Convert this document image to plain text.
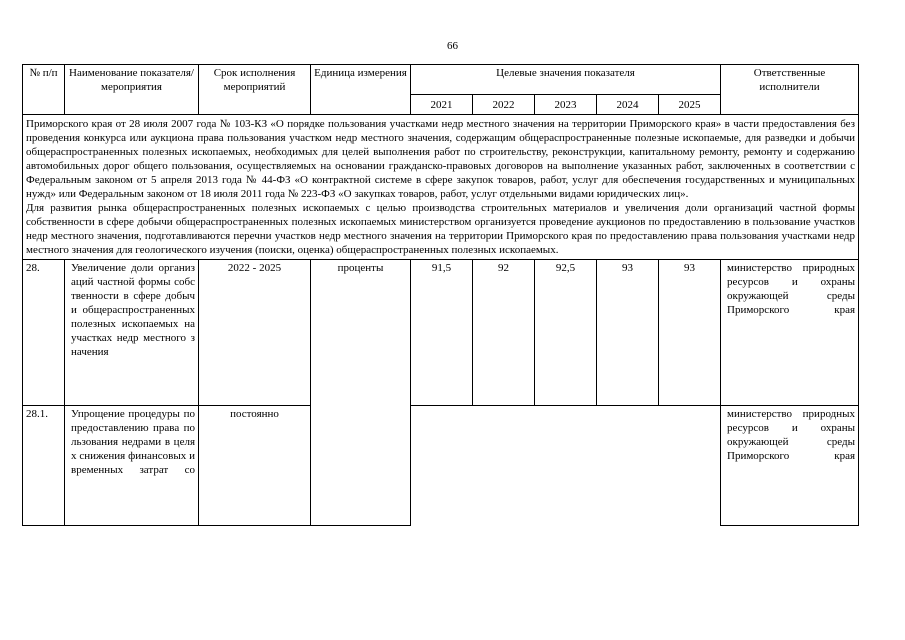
66
№ п/п	Наименование показателя/мероприятия	Срок исполнения мероприятий	Единица измерения	Целевые значения показателя					Ответственные исполнители
				2021	2022	2023	2024	2025	

Приморского края от 28 июля 2007 года № 103-КЗ «О порядке пользования участками недр местного значения на территории Приморского края» в части предоставления без проведения конкурса или аукциона права пользования участком недр местного значения, содержащим общераспространенные полезные ископаемые, для разведки и добычи общераспространенных полезных ископаемых, необходимых для целей выполнения работ по строительству, реконструкции, капитальному ремонту, ремонту и содержанию автомобильных дорог общего пользования, осуществляемых на основании гражданско-правовых договоров на выполнение указанных работ, заключенных в соответствии с Федеральным законом от 5 апреля 2013 года № 44-ФЗ «О контрактной системе в сфере закупок товаров, работ, услуг для обеспечения государственных и муниципальных нужд» или Федеральным законом от 18 июля 2011 года № 223-ФЗ «О закупках товаров, работ, услуг отдельными видами юридических лиц».
Для развития рынка общераспространенных полезных ископаемых с целью производства строительных материалов и увеличения доли организаций частной формы собственности в сфере добычи общераспространенных полезных ископаемых министерством организуется проведение аукционов по предоставлению в пользование участков недр местного значения, подготавливаются перечни участков недр местного значения на территории Приморского края по предоставлению права пользования участками недр местного значения для геологического изучения (поиски, оценка) общераспространенных полезных ископаемых.									

28.	Увеличение доли организаций частной формы собственности в сфере добычи общераспространенных полезных ископаемых на участках недр местного значения	2022 - 2025	проценты	91,5	92	92,5	93	93	министерство природных ресурсов и охраны окружающей среды Приморского края
28.1.	Упрощение процедуры по предоставлению права пользования недрами в целях снижения финансовых и временных затрат со	постоянно							министерство природных ресурсов и охраны окружающей среды Приморского края
